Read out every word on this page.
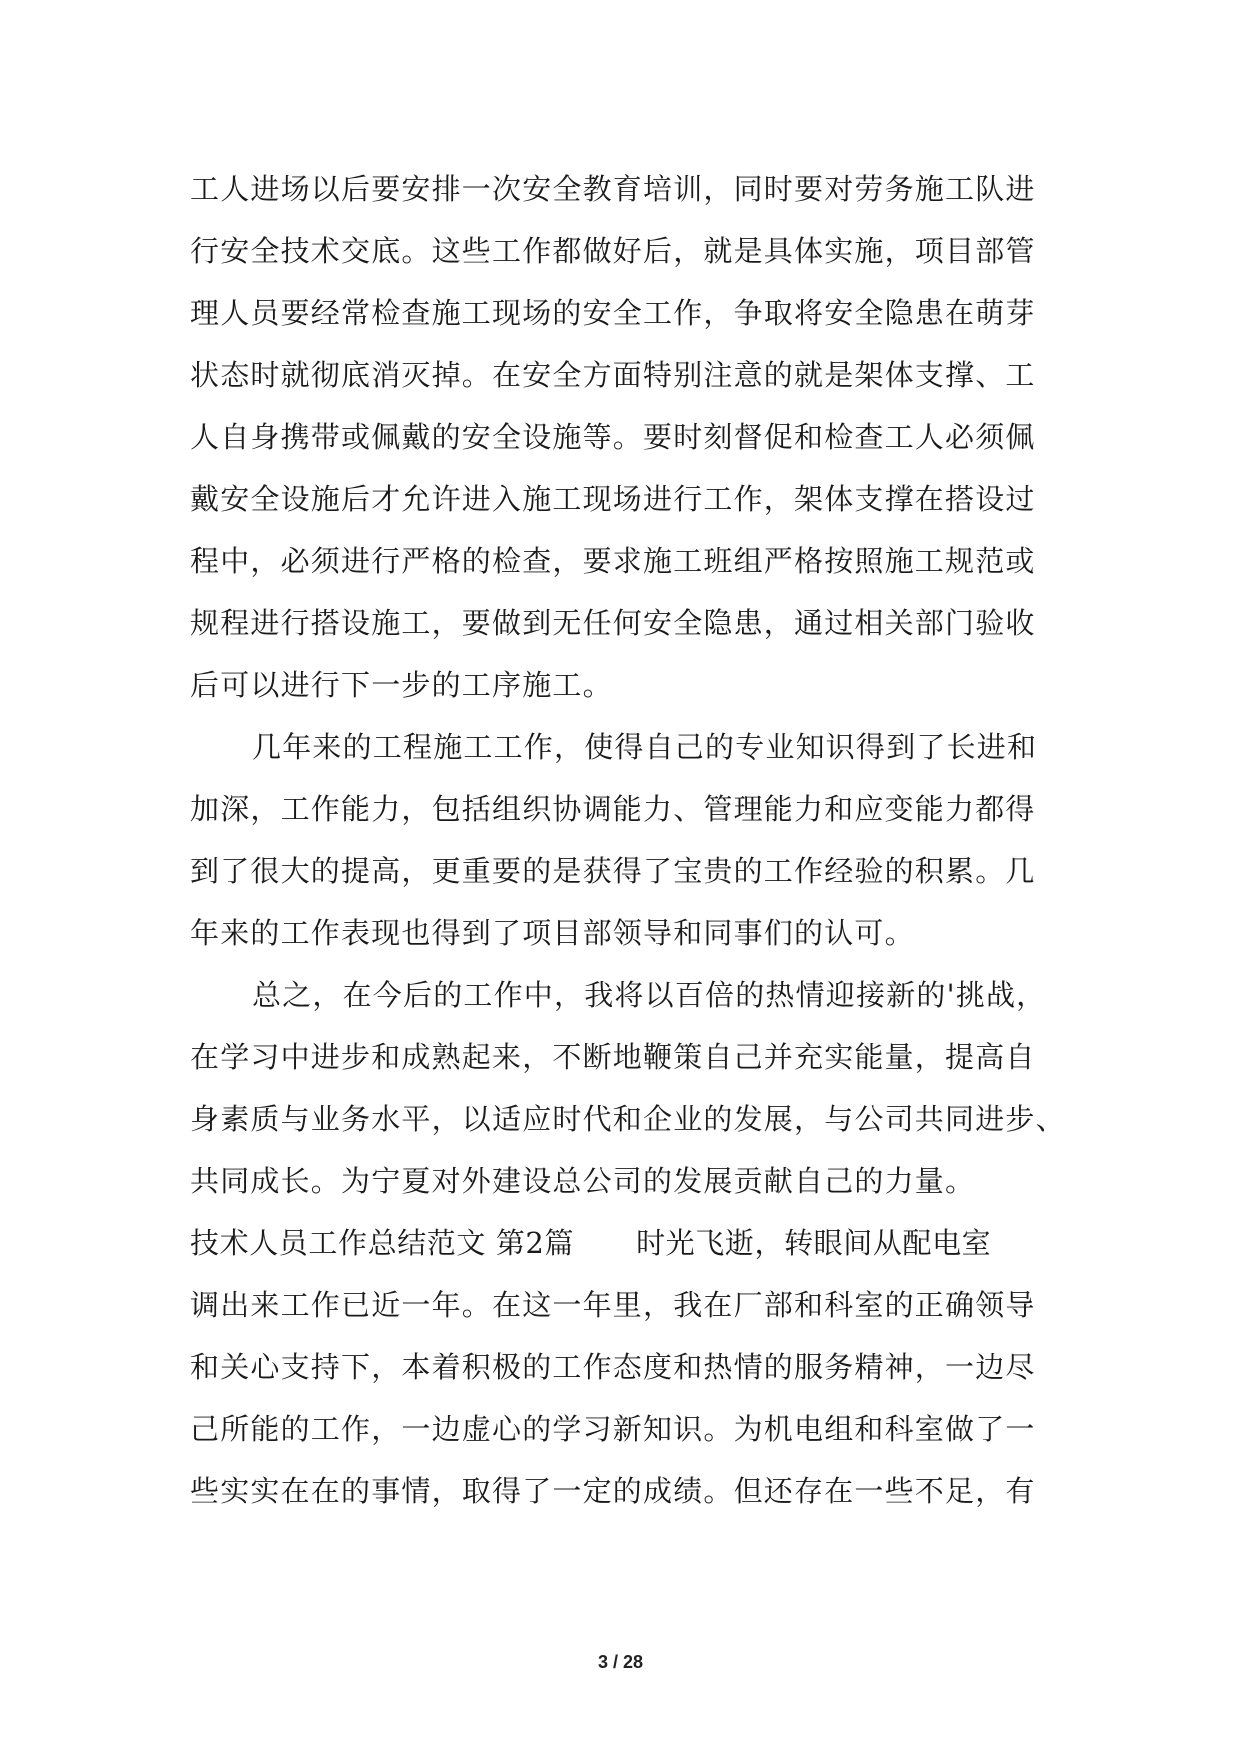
工人进场以后要安排一次安全教育培训，同时要对劳务施工队进
行安全技术交底。这些工作都做好后，就是具体实施，项目部管
理人员要经常检查施工现场的安全工作，争取将安全隐患在萌芽
状态时就彻底消灭掉。在安全方面特别注意的就是架体支撑、工
人自身携带或佩戴的安全设施等。要时刻督促和检查工人必须佩
戴安全设施后才允许进入施工现场进行工作，架体支撑在搭设过
程中，必须进行严格的检查，要求施工班组严格按照施工规范或
规程进行搭设施工，要做到无任何安全隐患，通过相关部门验收
后可以进行下一步的工序施工。
几年来的工程施工工作，使得自己的专业知识得到了长进和
加深，工作能力，包括组织协调能力、管理能力和应变能力都得
到了很大的提高，更重要的是获得了宝贵的工作经验的积累。几
年来的工作表现也得到了项目部领导和同事们的认可。
总之，在今后的工作中，我将以百倍的热情迎接新的'挑战，
在学习中进步和成熟起来，不断地鞭策自己并充实能量，提高自
身素质与业务水平，以适应时代和企业的发展，与公司共同进步、
共同成长。为宁夏对外建设总公司的发展贡献自己的力量。
技术人员工作总结范文 第2篇 时光飞逝，转眼间从配电室
调出来工作已近一年。在这一年里，我在厂部和科室的正确领导
和关心支持下，本着积极的工作态度和热情的服务精神，一边尽
己所能的工作，一边虚心的学习新知识。为机电组和科室做了一
些实实在在的事情，取得了一定的成绩。但还存在一些不足，有
3 / 28
